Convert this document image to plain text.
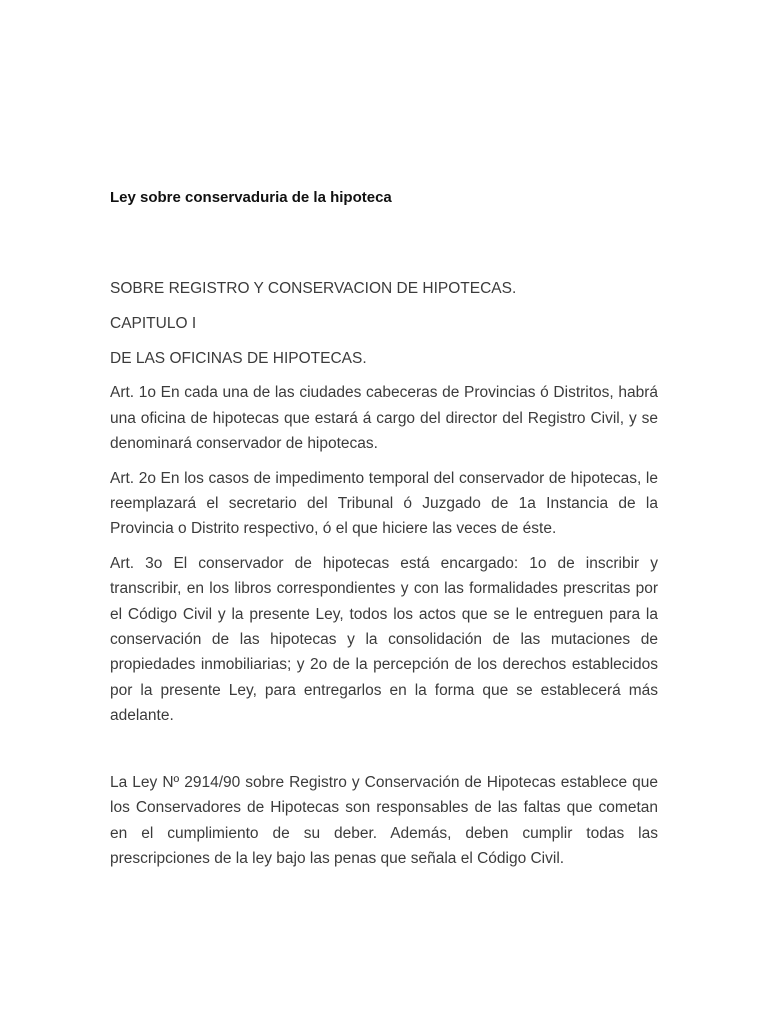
Ley sobre conservaduria de la hipoteca

SOBRE REGISTRO Y CONSERVACION DE HIPOTECAS.

CAPITULO I

DE LAS OFICINAS DE HIPOTECAS.

Art. 1o En cada una de las ciudades cabeceras de Provincias ó Distritos, habrá una oficina de hipotecas que estará á cargo del director del Registro Civil, y se denominará conservador de hipotecas.

Art. 2o En los casos de impedimento temporal del conservador de hipotecas, le reemplazará el secretario del Tribunal ó Juzgado de 1a Instancia de la Provincia o Distrito respectivo, ó el que hiciere las veces de éste.

Art. 3o El conservador de hipotecas está encargado: 1o de inscribir y transcribir, en los libros correspondientes y con las formalidades prescritas por el Código Civil y la presente Ley, todos los actos que se le entreguen para la conservación de las hipotecas y la consolidación de las mutaciones de propiedades inmobiliarias; y 2o de la percepción de los derechos establecidos por la presente Ley, para entregarlos en la forma que se establecerá más adelante.

La Ley Nº 2914/90 sobre Registro y Conservación de Hipotecas establece que los Conservadores de Hipotecas son responsables de las faltas que cometan en el cumplimiento de su deber. Además, deben cumplir todas las prescripciones de la ley bajo las penas que señala el Código Civil.
